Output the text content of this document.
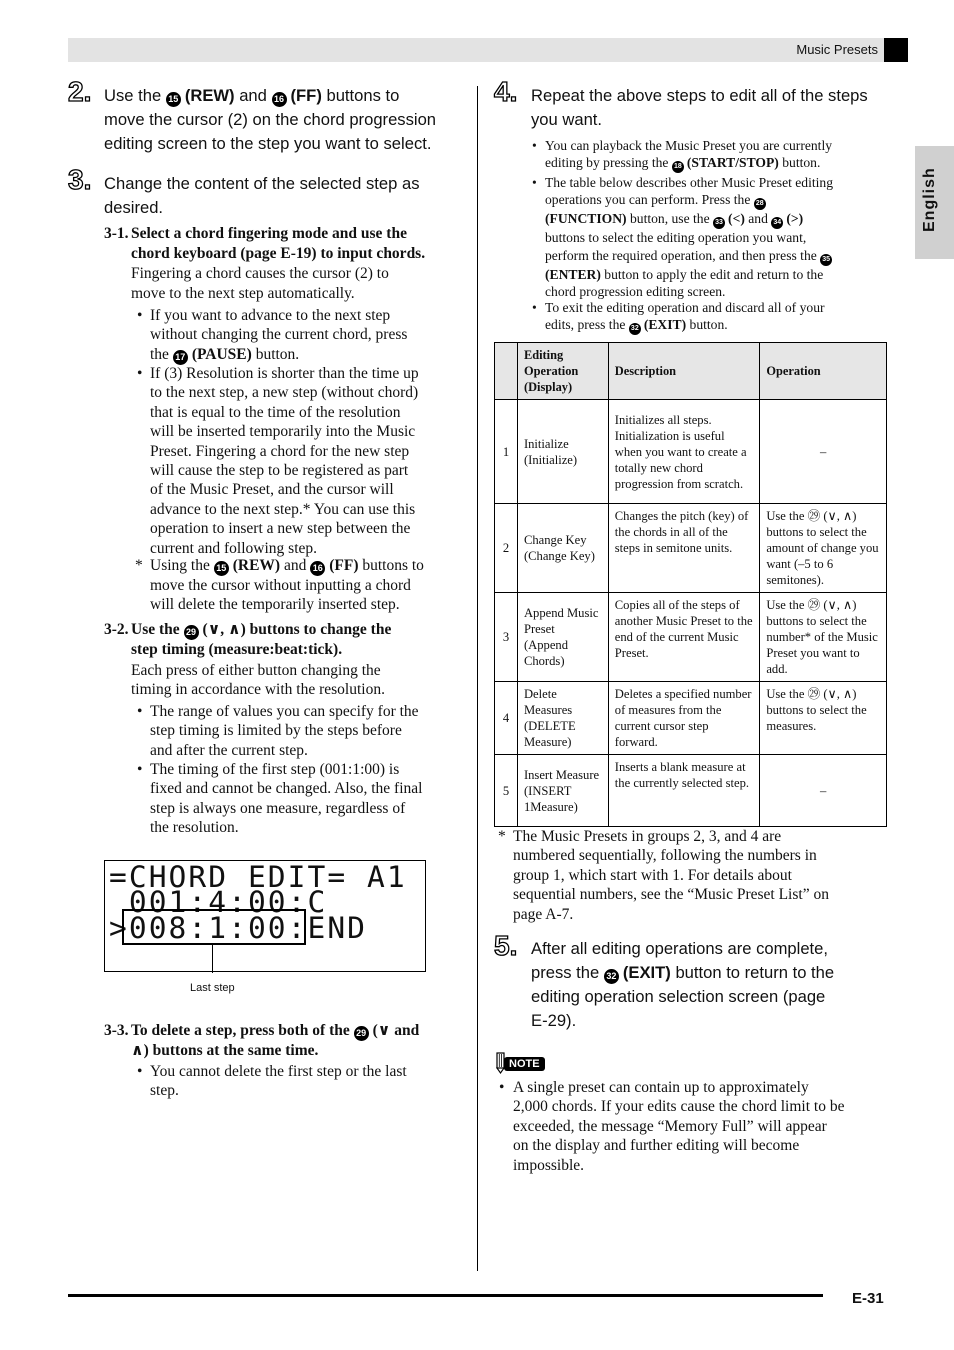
Music Presets
English
2. Use the 15 (REW) and 16 (FF) buttons to
move the cursor (2) on the chord progression
editing screen to the step you want to select.
3. Change the content of the selected step as
desired.
3-1. Select a chord fingering mode and use the
chord keyboard (page E-19) to input chords.
Fingering a chord causes the cursor (2) to
move to the next step automatically.
• If you want to advance to the next step
without changing the current chord, press
the 17 (PAUSE) button.
• If (3) Resolution is shorter than the time up
to the next step, a new step (without chord)
that is equal to the time of the resolution
will be inserted temporarily into the Music
Preset. Fingering a chord for the new step
will cause the step to be registered as part
of the Music Preset, and the cursor will
advance to the next step.* You can use this
operation to insert a new step between the
current and following step.
* Using the 15 (REW) and 16 (FF) buttons to
move the cursor without inputting a chord
will delete the temporarily inserted step.
3-2. Use the 29 (∨, ∧) buttons to change the
step timing (measure:beat:tick).
Each press of either button changing the
timing in accordance with the resolution.
• The range of values you can specify for the
step timing is limited by the steps before
and after the current step.
• The timing of the first step (001:1:00) is
fixed and cannot be changed. Also, the final
step is always one measure, regardless of
the resolution.
=CHORD EDIT= A1
001:4:00:C
>008:1:00:END
Last step
3-3. To delete a step, press both of the 29 (∨ and
∧) buttons at the same time.
• You cannot delete the first step or the last
step.
4. Repeat the above steps to edit all of the steps
you want.
• You can playback the Music Preset you are currently
editing by pressing the 18 (START/STOP) button.
• The table below describes other Music Preset editing
operations you can perform. Press the 28
(FUNCTION) button, use the 33 (<) and 34 (>)
buttons to select the editing operation you want,
perform the required operation, and then press the 35
(ENTER) button to apply the edit and return to the
chord progression editing screen.
• To exit the editing operation and discard all of your
edits, press the 32 (EXIT) button.
	Editing Operation (Display)	Description	Operation
1	Initialize (Initialize)	Initializes all steps. Initialization is useful when you want to create a totally new chord progression from scratch.	–
2	Change Key (Change Key)	Changes the pitch (key) of the chords in all of the steps in semitone units.	Use the ㉙ (∨, ∧) buttons to select the amount of change you want (–5 to 6 semitones).
3	Append Music Preset (Append Chords)	Copies all of the steps of another Music Preset to the end of the current Music Preset.	Use the ㉙ (∨, ∧) buttons to select the number* of the Music Preset you want to add.
4	Delete Measures (DELETE Measure)	Deletes a specified number of measures from the current cursor step forward.	Use the ㉙ (∨, ∧) buttons to select the measures.
5	Insert Measure (INSERT 1Measure)	Inserts a blank measure at the currently selected step.	–
* The Music Presets in groups 2, 3, and 4 are
numbered sequentially, following the numbers in
group 1, which start with 1. For details about
sequential numbers, see the “Music Preset List” on
page A-7.
5. After all editing operations are complete,
press the 32 (EXIT) button to return to the
editing operation selection screen (page
E-29).
NOTE
• A single preset can contain up to approximately
2,000 chords. If your edits cause the chord limit to be
exceeded, the message “Memory Full” will appear
on the display and further editing will become
impossible.
E-31
